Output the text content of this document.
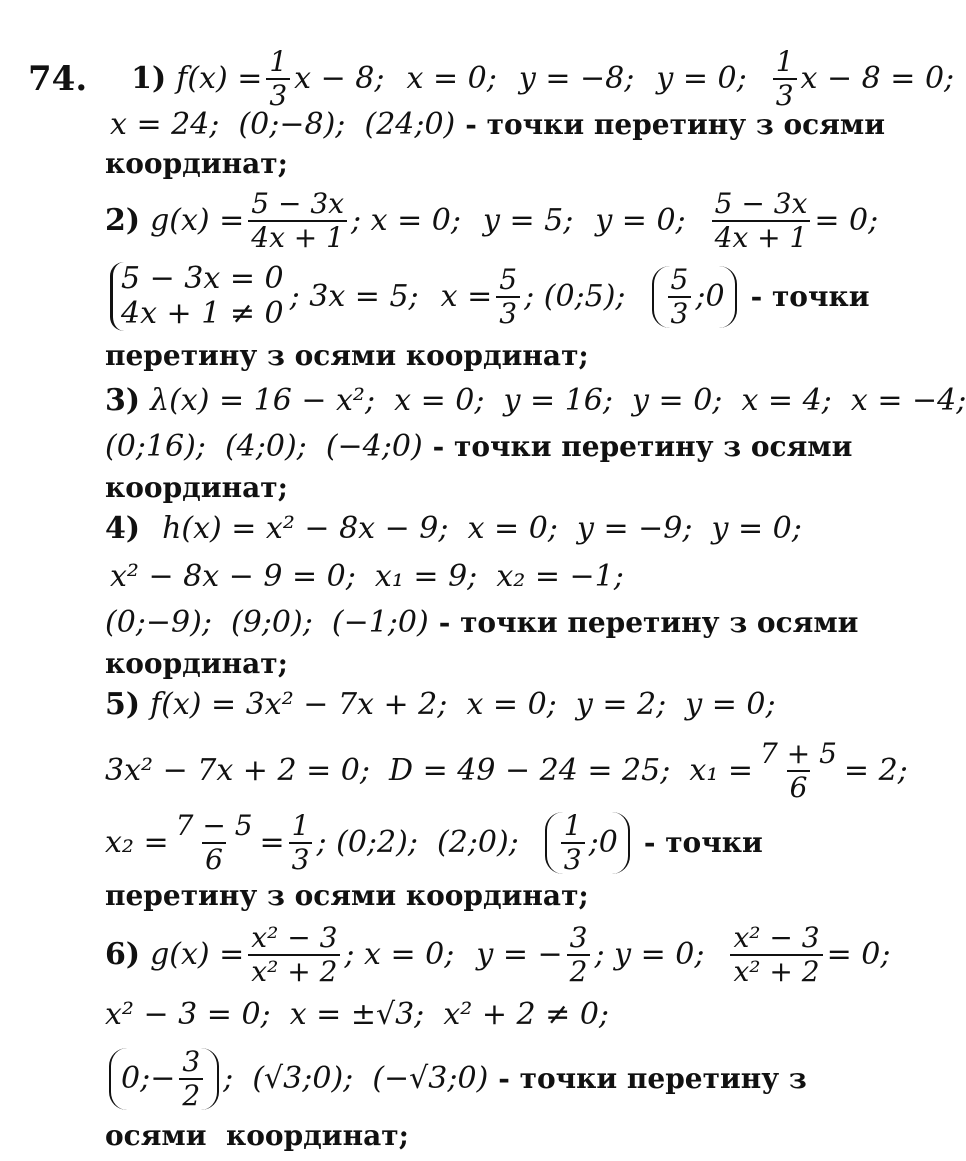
74. 1) $f(x) = \frac{1}{3}$ x − 8; x = 0; y = −8; y = 0; $\frac{1}{3}$ x − 8 = 0;
x = 24;  (0;−8);  (24;0) - точки перетину з осями
координат;
2) $g(x) = \frac{5 - 3x}{4x + 1}$ ; x = 0; y = 5; y = 0; $\frac{5 - 3x}{4x + 1} = 0$;
5 − 3x = 0
4x + 1 ≠ 0 ; 3x = 5; $x = \frac{5}{3}$ ; (0;5); $\frac{5}{3}$ ;0 - точки
перетину з осями координат;
3) λ(x) = 16 − x²;  x = 0;  y = 16;  y = 0;  x = 4;  x = −4;
(0;16);  (4;0);  (−4;0) - точки перетину з осями
координат;
4) h(x) = x² − 8x − 9;  x = 0;  y = −9;  y = 0;
x² − 8x − 9 = 0;  x₁ = 9;  x₂ = −1;
(0;−9);  (9;0);  (−1;0) - точки перетину з осями
координат;
5) f(x) = 3x² − 7x + 2;  x = 0;  y = 2;  y = 0;
3x² − 7x + 2 = 0;  D = 49 − 24 = 25;  $x_1 = \frac{7 + 5}{6} = 2$;
$x_2 = \frac{7 - 5}{6} = \frac{1}{3}$ ; (0;2);  (2;0); $\frac{1}{3}$ ;0 - точки
перетину з осями координат;
6) $g(x) = \frac{\text{x² − 3}}{\text{x² + 2}}$ ; x = 0; y = − $\frac{3}{2}$ ; y = 0; $\frac{\text{x² − 3}}{\text{x² + 2}} = 0$;
x² − 3 = 0;  x = ±√3;  x² + 2 ≠ 0;
0;− $\frac{3}{2}$ ;  (√3;0);  (−√3;0) - точки перетину з
осями  координат;
